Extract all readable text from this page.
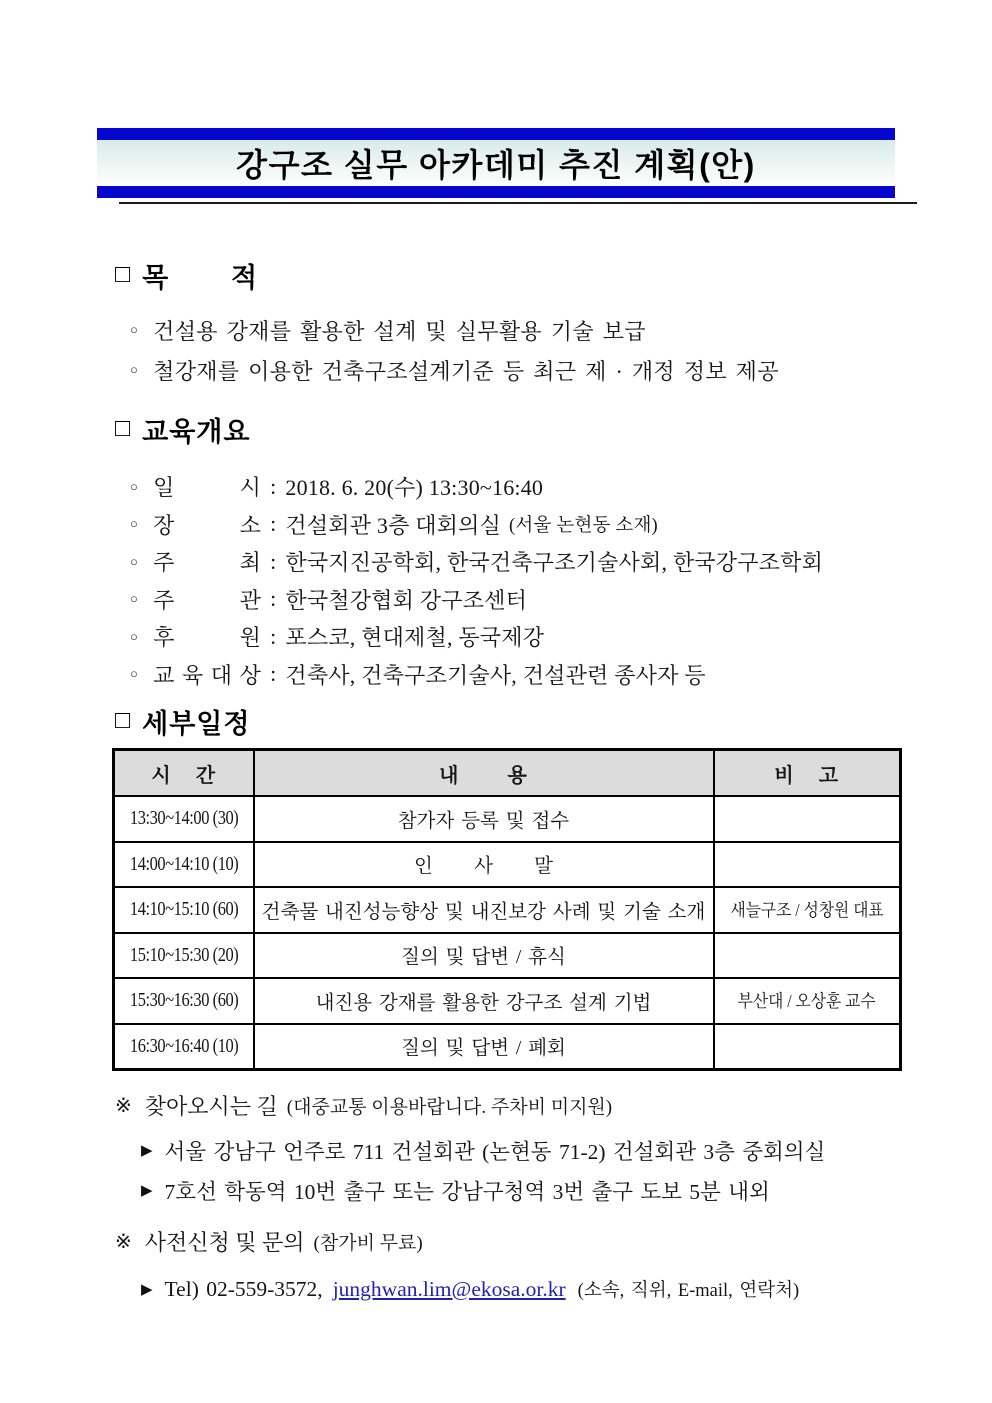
강구조 실무 아카데미 추진 계획(안)
□ 목 적
○ 건설용 강재를 활용한 설계 및 실무활용 기술 보급
○ 철강재를 이용한 건축구조설계기준 등 최근 제 · 개정 정보 제공
□ 교육개요
○ 일	시 : 2018. 6. 20(수) 13:30~16:40
○ 장	소 : 건설회관 3층 대회의실 (서울 논현동 소재)
○ 주	최 : 한국지진공학회, 한국건축구조기술사회, 한국강구조학회
○ 주	관 : 한국철강협회 강구조센터
○ 후	원 : 포스코, 현대제철, 동국제강
○ 교 육 대 상 : 건축사, 건축구조기술사, 건설관련 종사자 등
□ 세부일정
시    간	내        용	비    고
13:30~14:00 (30)	참가자 등록 및 접수	
14:00~14:10 (10)	인      사      말	
14:10~15:10 (60)	건축물 내진성능향상 및 내진보강 사례 및 기술 소개	새늘구조 / 성창원 대표
15:10~15:30 (20)	질의 및 답변 / 휴식	
15:30~16:30 (60)	내진용 강재를 활용한 강구조 설계 기법	부산대 / 오상훈 교수
16:30~16:40 (10)	질의 및 답변 / 폐회	
※ 찾아오시는 길 (대중교통 이용바랍니다. 주차비 미지원)
▶ 서울 강남구 언주로 711 건설회관 (논현동 71-2) 건설회관 3층 중회의실
▶ 7호선 학동역 10번 출구 또는 강남구청역 3번 출구 도보 5분 내외
※ 사전신청 및 문의 (참가비 무료)
▶ Tel) 02-559-3572, junghwan.lim@ekosa.or.kr (소속, 직위, E-mail, 연락처)
